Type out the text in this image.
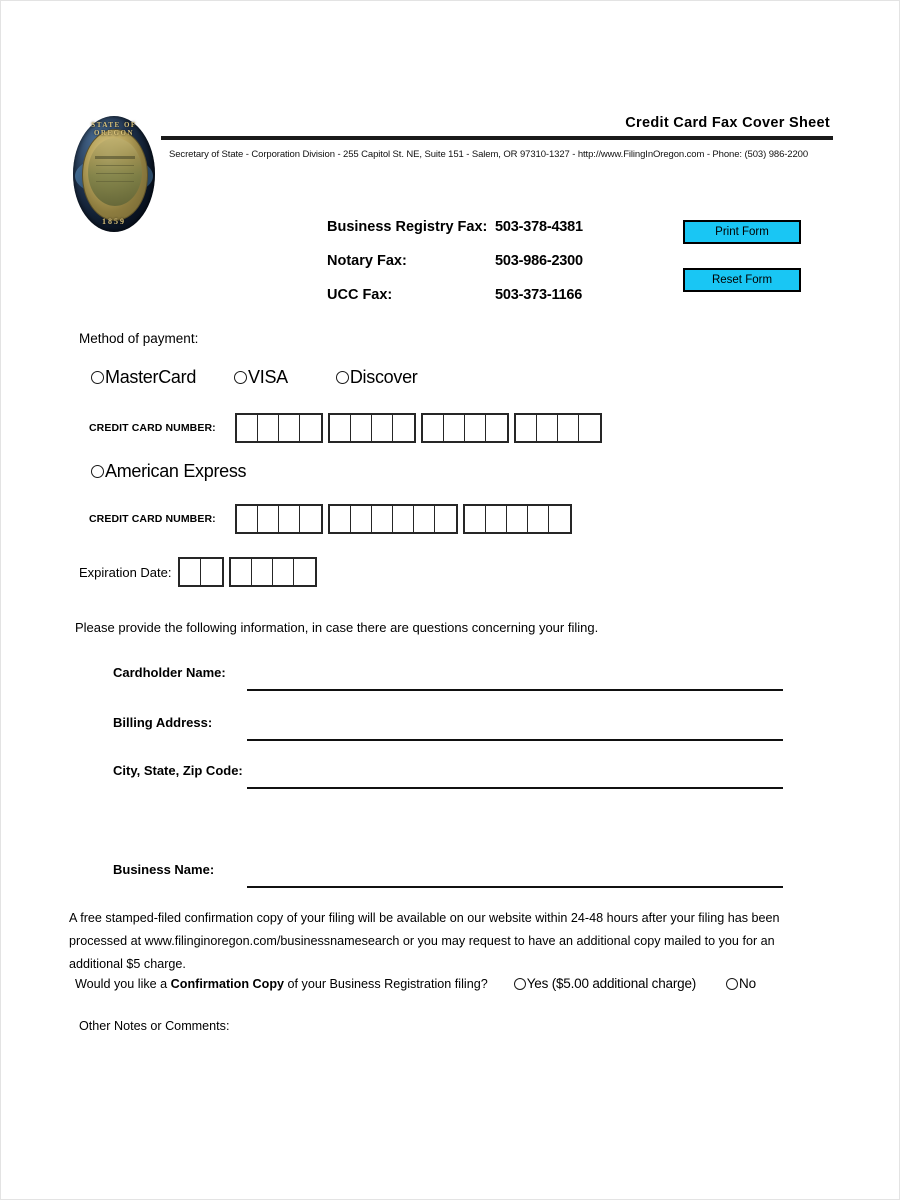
STATE OF OREGON
1859
Credit Card Fax Cover Sheet
Secretary of State - Corporation Division - 255 Capitol St. NE, Suite 151 - Salem, OR 97310-1327 - http://www.FilingInOregon.com - Phone: (503) 986-2200
Business Registry Fax: 503-378-4381
Notary Fax:	503-986-2300
UCC Fax:	503-373-1166
Print Form
Reset Form
Method of payment:
MasterCard	VISA	Discover
CREDIT CARD NUMBER:
American Express
CREDIT CARD NUMBER:
Expiration Date:
Please provide the following information, in case there are questions concerning your filing.
Cardholder Name:
Billing Address:
City, State, Zip Code:
Business Name:
A free stamped-filed confirmation copy of your filing will be available on our website within 24-48 hours after your filing has been processed at www.filinginoregon.com/businessnamesearch or you may request to have an additional copy mailed to you for an additional $5 charge.
Would you like a Confirmation Copy of your Business Registration filing?	Yes ($5.00 additional charge)	No
Other Notes or Comments:
